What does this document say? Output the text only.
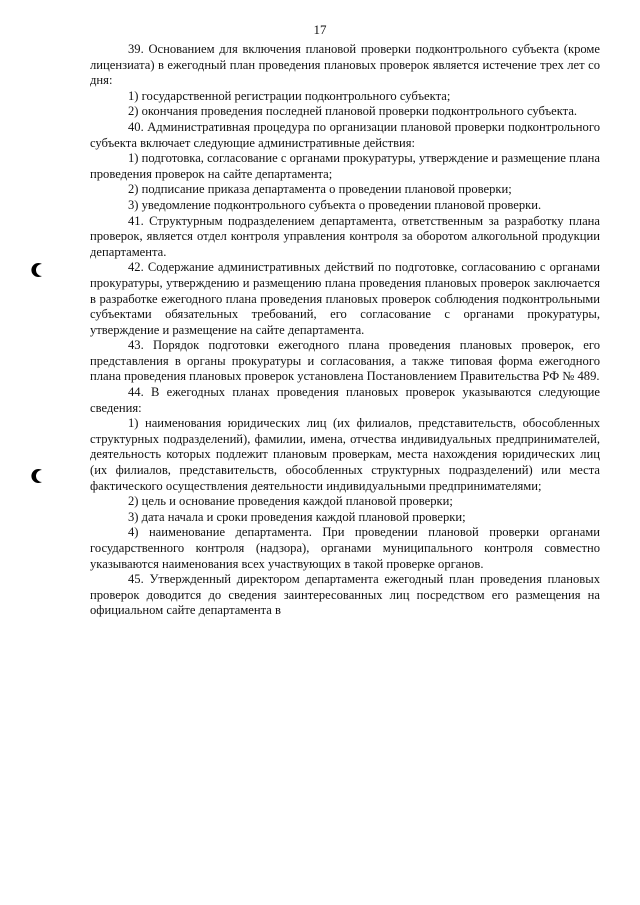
17

39. Основанием для включения плановой проверки подконтрольного субъекта (кроме лицензиата) в ежегодный план проведения плановых проверок является истечение трех лет со дня:

1) государственной регистрации подконтрольного субъекта;

2) окончания проведения последней плановой проверки подконтрольного субъекта.

40. Административная процедура по организации плановой проверки подконтрольного субъекта включает следующие административные действия:

1) подготовка, согласование с органами прокуратуры, утверждение и размещение плана проведения проверок на сайте департамента;

2) подписание приказа департамента о проведении плановой проверки;

3) уведомление подконтрольного субъекта о проведении плановой проверки.

41. Структурным подразделением департамента, ответственным за разработку плана проверок, является отдел контроля управления контроля за оборотом алкогольной продукции департамента.

42. Содержание административных действий по подготовке, согласованию с органами прокуратуры, утверждению и размещению плана проведения плановых проверок заключается в разработке ежегодного плана проведения плановых проверок соблюдения подконтрольными субъектами обязательных требований, его согласование с органами прокуратуры, утверждение и размещение на сайте департамента.

43. Порядок подготовки ежегодного плана проведения плановых проверок, его представления в органы прокуратуры и согласования, а также типовая форма ежегодного плана проведения плановых проверок установлена Постановлением Правительства РФ № 489.

44. В ежегодных планах проведения плановых проверок указываются следующие сведения:

1) наименования юридических лиц (их филиалов, представительств, обособленных структурных подразделений), фамилии, имена, отчества индивидуальных предпринимателей, деятельность которых подлежит плановым проверкам, места нахождения юридических лиц (их филиалов, представительств, обособленных структурных подразделений) или места фактического осуществления деятельности индивидуальными предпринимателями;

2) цель и основание проведения каждой плановой проверки;

3) дата начала и сроки проведения каждой плановой проверки;

4) наименование департамента. При проведении плановой проверки органами государственного контроля (надзора), органами муниципального контроля совместно указываются наименования всех участвующих в такой проверке органов.

45. Утвержденный директором департамента ежегодный план проведения плановых проверок доводится до сведения заинтересованных лиц посредством его размещения на официальном сайте департамента в
